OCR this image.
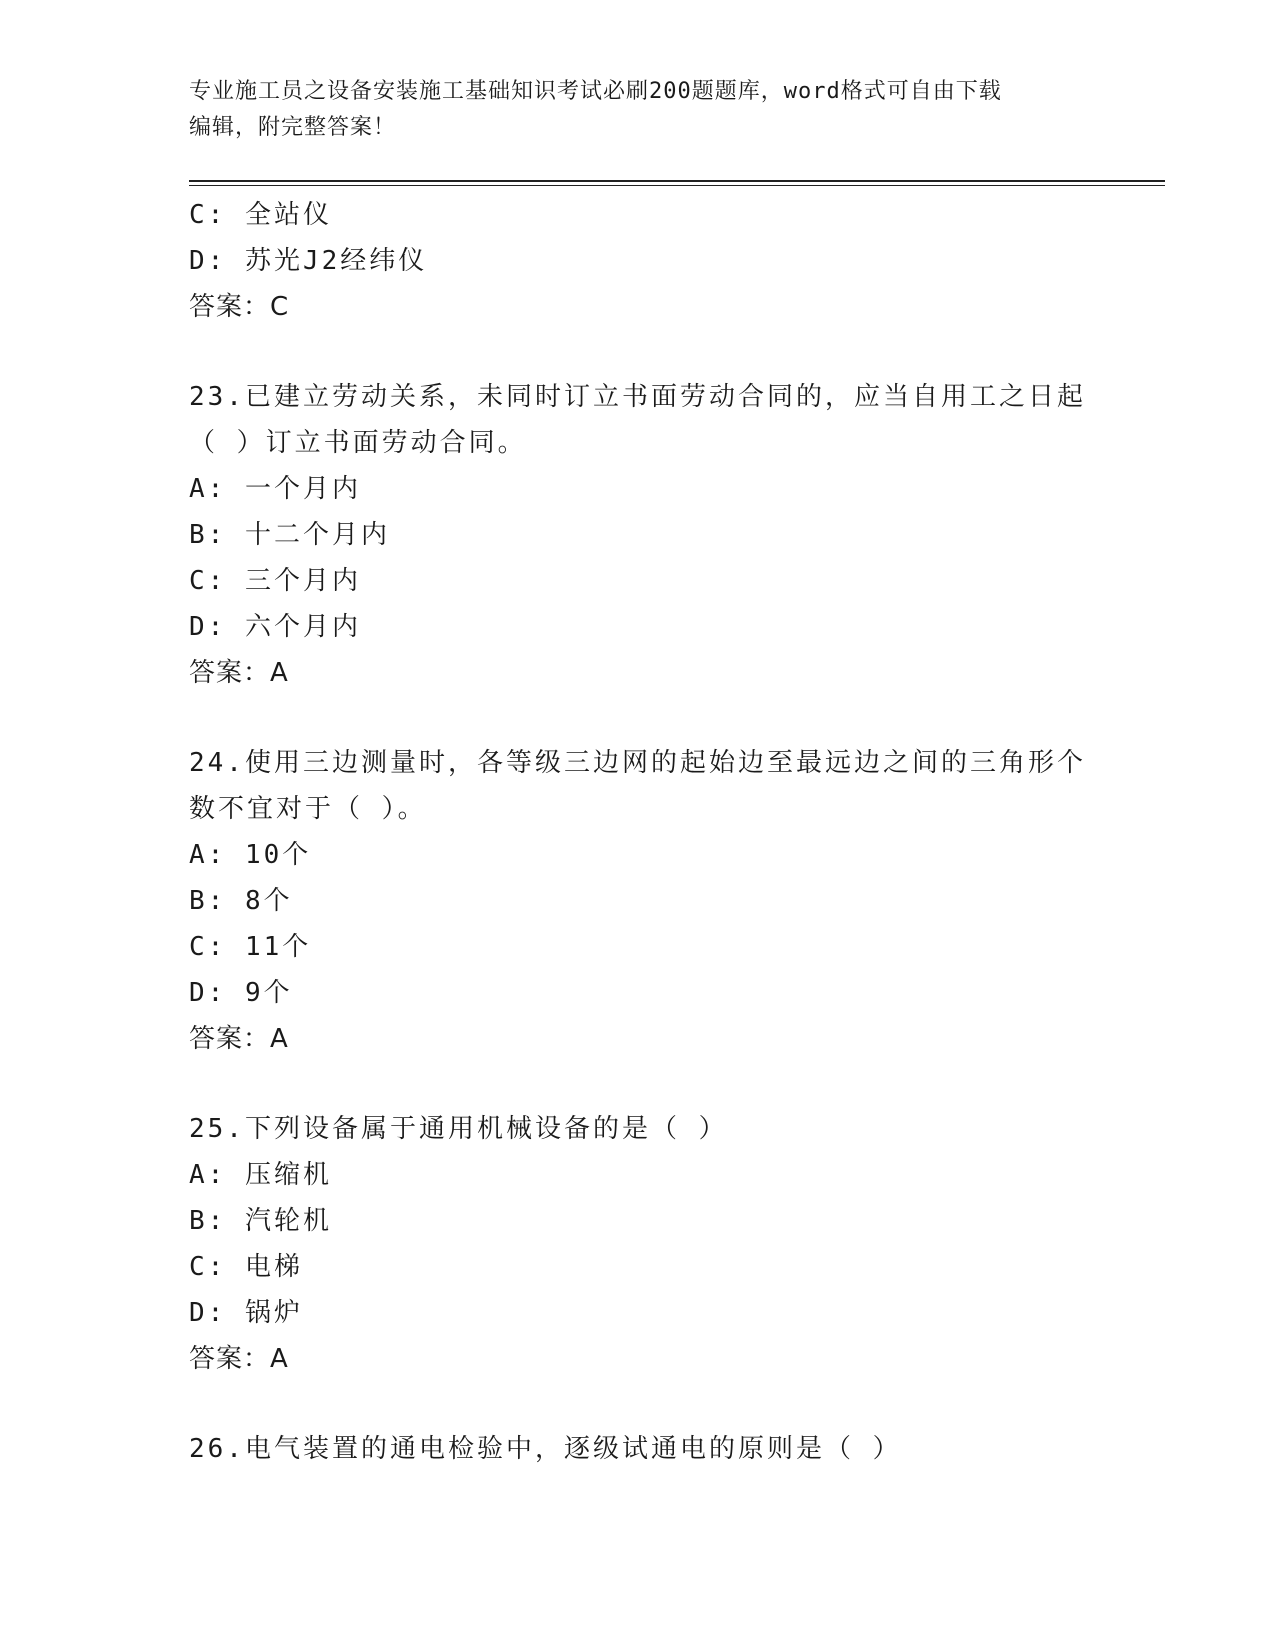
专业施工员之设备安装施工基础知识考试必刷200题题库，word格式可自由下载
编辑，附完整答案！
C: 全站仪
D: 苏光J2经纬仪
答案：C
23.已建立劳动关系，未同时订立书面劳动合同的，应当自用工之日起
（ ）订立书面劳动合同。
A: 一个月内
B: 十二个月内
C: 三个月内
D: 六个月内
答案：A
24.使用三边测量时，各等级三边网的起始边至最远边之间的三角形个
数不宜对于（ ）。
A: 10个
B: 8个
C: 11个
D: 9个
答案：A
25.下列设备属于通用机械设备的是（ ）
A: 压缩机
B: 汽轮机
C: 电梯
D: 锅炉
答案：A
26.电气装置的通电检验中，逐级试通电的原则是（ ）
